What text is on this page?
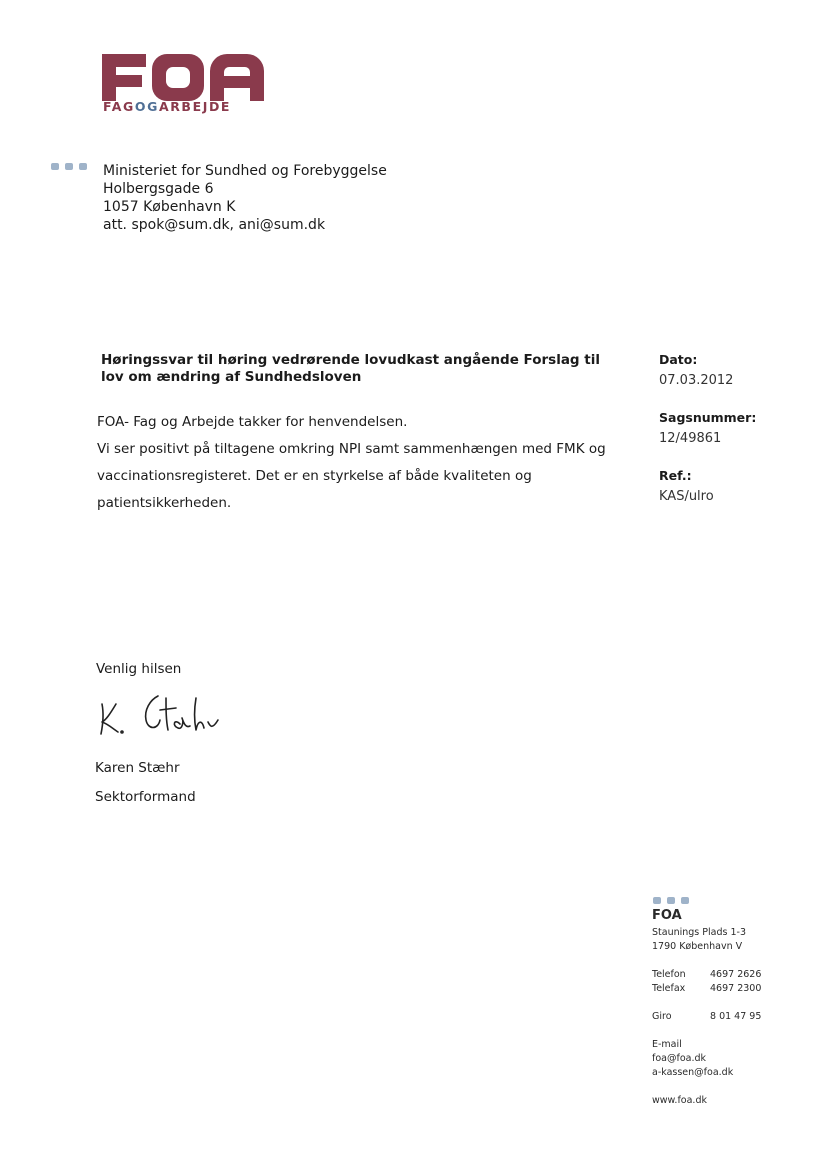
FAGOGARBEJDE
Ministeriet for Sundhed og Forebyggelse
Holbergsgade 6
1057 København K
att. spok@sum.dk, ani@sum.dk
Høringssvar til høring vedrørende lovudkast angående Forslag til lov om ændring af Sundhedsloven
FOA- Fag og Arbejde takker for henvendelsen.
Vi ser positivt på tiltagene omkring NPI samt sammenhængen med FMK og vaccinationsregisteret. Det er en styrkelse af både kvaliteten og patientsikkerheden.

Dato:

07.03.2012

Sagsnummer:

12/49861

Ref.:

KAS/ulro

Venlig hilsen
Karen Stæhr
Sektorformand
FOA
Staunings Plads 1-3
1790 København V
Telefon	4697 2626
Telefax	4697 2300
Giro	8 01 47 95
E-mail
foa@foa.dk
a-kassen@foa.dk
www.foa.dk
